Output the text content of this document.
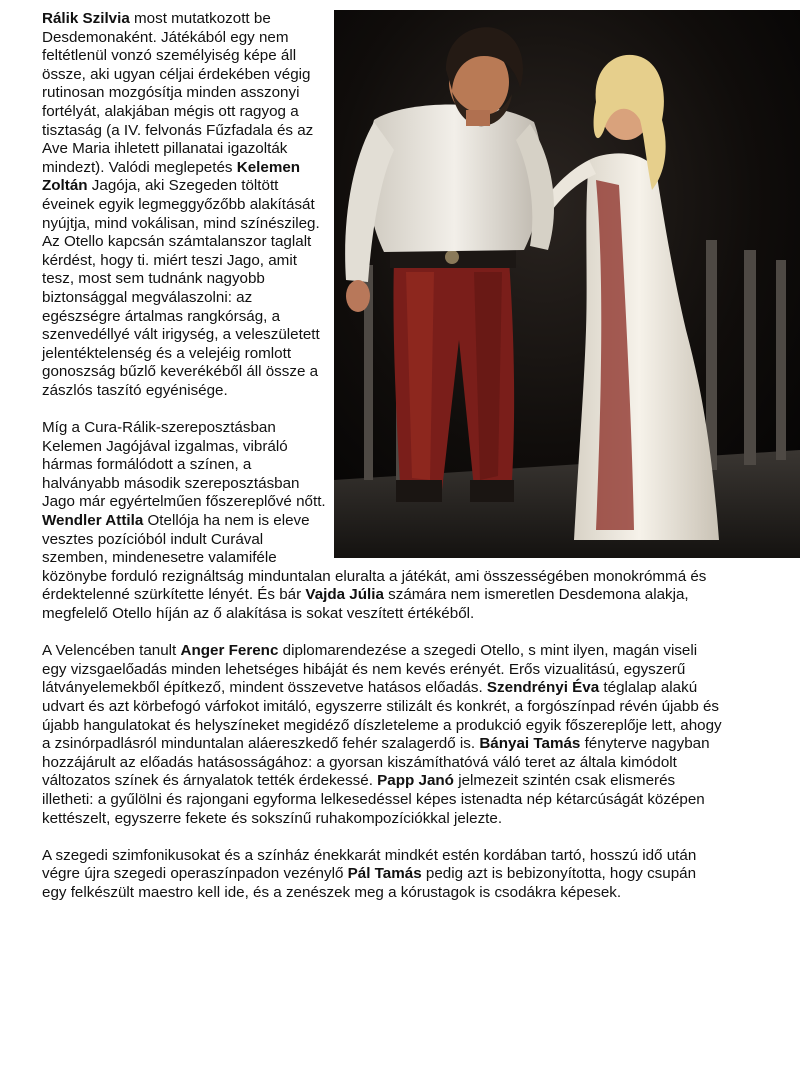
Rálik Szilvia most mutatkozott be Desdemonaként. Játékából egy nem feltétlenül vonzó személyiség képe áll össze, aki ugyan céljai érdekében végig rutinosan mozgósítja minden asszonyi fortélyát, alakjában mégis ott ragyog a tisztaság (a IV. felvonás Fűzfadala és az Ave Maria ihletett pillanatai igazolták mindezt). Valódi meglepetés Kelemen Zoltán Jagója, aki Szegeden töltött éveinek egyik legmeggyőzőbb alakítását nyújtja, mind vokálisan, mind színészileg. Az Otello kapcsán számtalanszor taglalt kérdést, hogy ti. miért teszi Jago, amit tesz, most sem tudnánk nagyobb biztonsággal megválaszolni: az egészségre ártalmas rangkórság, a szenvedéllyé vált irigység, a veleszületett jelentéktelenség és a velejéig romlott gonoszság bűzlő keverékéből áll össze a zászlós taszító egyénisége.

Míg a Cura-Rálik-szereposztásban Kelemen Jagójával izgalmas, vibráló hármas formálódott a színen, a halványabb második szereposztásban Jago már egyértelműen főszereplővé nőtt. Wendler Attila Otellója ha nem is eleve vesztes pozícióból indult Curával szemben, mindenesetre valamiféle közönybe forduló rezignáltság minduntalan eluralta a játékát, ami összességében monokrómmá és érdektelenné szürkítette lényét. És bár Vajda Júlia számára nem ismeretlen Desdemona alakja, megfelelő Otello híján az ő alakítása is sokat veszített értékéből.

A Velencében tanult Anger Ferenc diplomarendezése a szegedi Otello, s mint ilyen, magán viseli egy vizsgaelőadás minden lehetséges hibáját és nem kevés erényét. Erős vizualitású, egyszerű látványelemekből építkező, mindent összevetve hatásos előadás. Szendrényi Éva téglalap alakú udvart és azt körbefogó várfokot imitáló, egyszerre stilizált és konkrét, a forgószínpad révén újabb és újabb hangulatokat és helyszíneket megidéző díszleteleme a produkció egyik főszereplője lett, ahogy a zsinórpadlásról minduntalan aláereszkedő fehér szalagerdő is. Bányai Tamás fényterve nagyban hozzájárult az előadás hatásosságához: a gyorsan kiszámíthatóvá váló teret az általa kimódolt változatos színek és árnyalatok tették érdekessé. Papp Janó jelmezeit szintén csak elismerés illetheti: a gyűlölni és rajongani egyforma lelkesedéssel képes istenadta nép kétarcúságát középen kettészelt, egyszerre fekete és sokszínű ruhakompozíciókkal jelezte.

A szegedi szimfonikusokat és a színház énekkarát mindkét estén kordában tartó, hosszú idő után végre újra szegedi operaszínpadon vezénylő Pál Tamás pedig azt is bebizonyította, hogy csupán egy felkészült maestro kell ide, és a zenészek meg a kórustagok is csodákra képesek.
